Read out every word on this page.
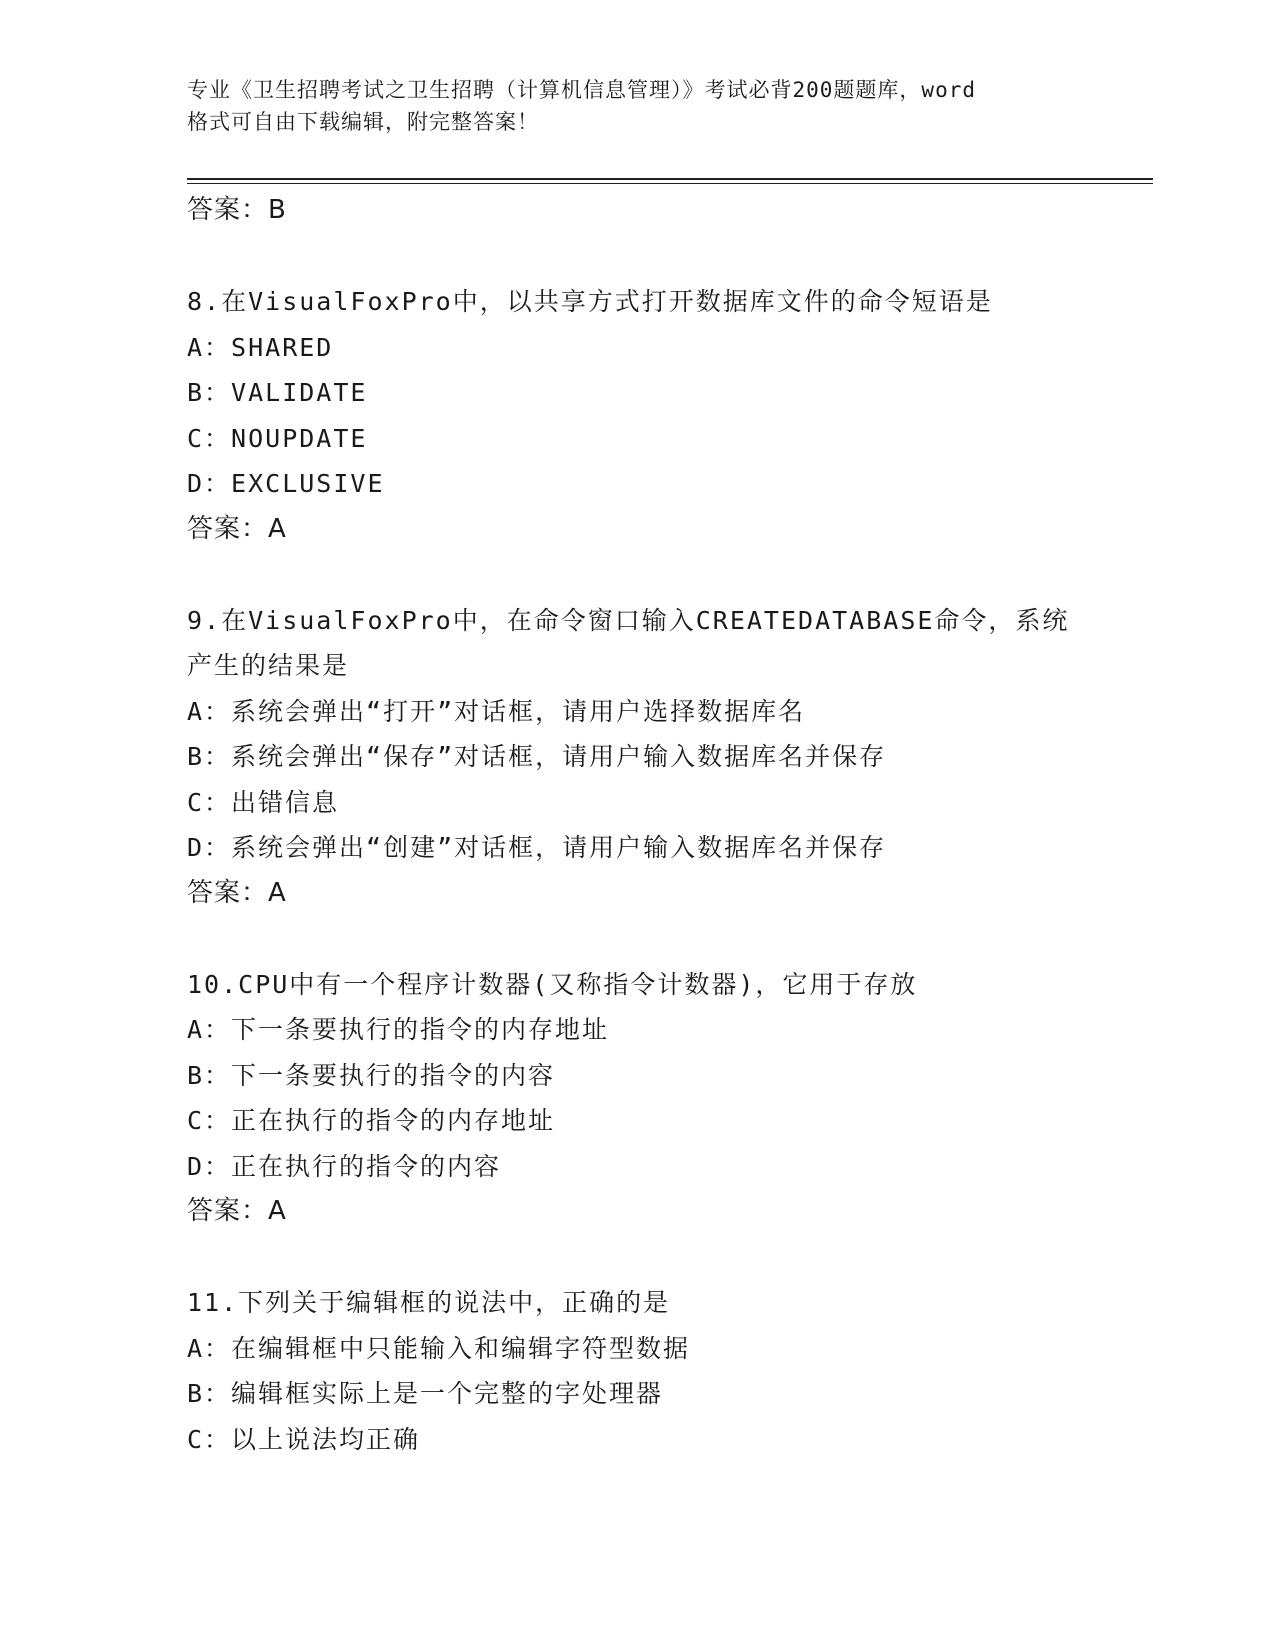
专业《卫生招聘考试之卫生招聘（计算机信息管理）》考试必背200题题库，word
格式可自由下载编辑，附完整答案！
答案：B
8.在VisualFoxPro中，以共享方式打开数据库文件的命令短语是
A：SHARED
B：VALIDATE
C：NOUPDATE
D：EXCLUSIVE
答案：A
9.在VisualFoxPro中，在命令窗口输入CREATEDATABASE命令，系统
产生的结果是
A：系统会弹出“打开”对话框，请用户选择数据库名
B：系统会弹出“保存”对话框，请用户输入数据库名并保存
C：出错信息
D：系统会弹出“创建”对话框，请用户输入数据库名并保存
答案：A
10.CPU中有一个程序计数器(又称指令计数器)，它用于存放
A：下一条要执行的指令的内存地址
B：下一条要执行的指令的内容
C：正在执行的指令的内存地址
D：正在执行的指令的内容
答案：A
11.下列关于编辑框的说法中，正确的是
A：在编辑框中只能输入和编辑字符型数据
B：编辑框实际上是一个完整的字处理器
C：以上说法均正确
